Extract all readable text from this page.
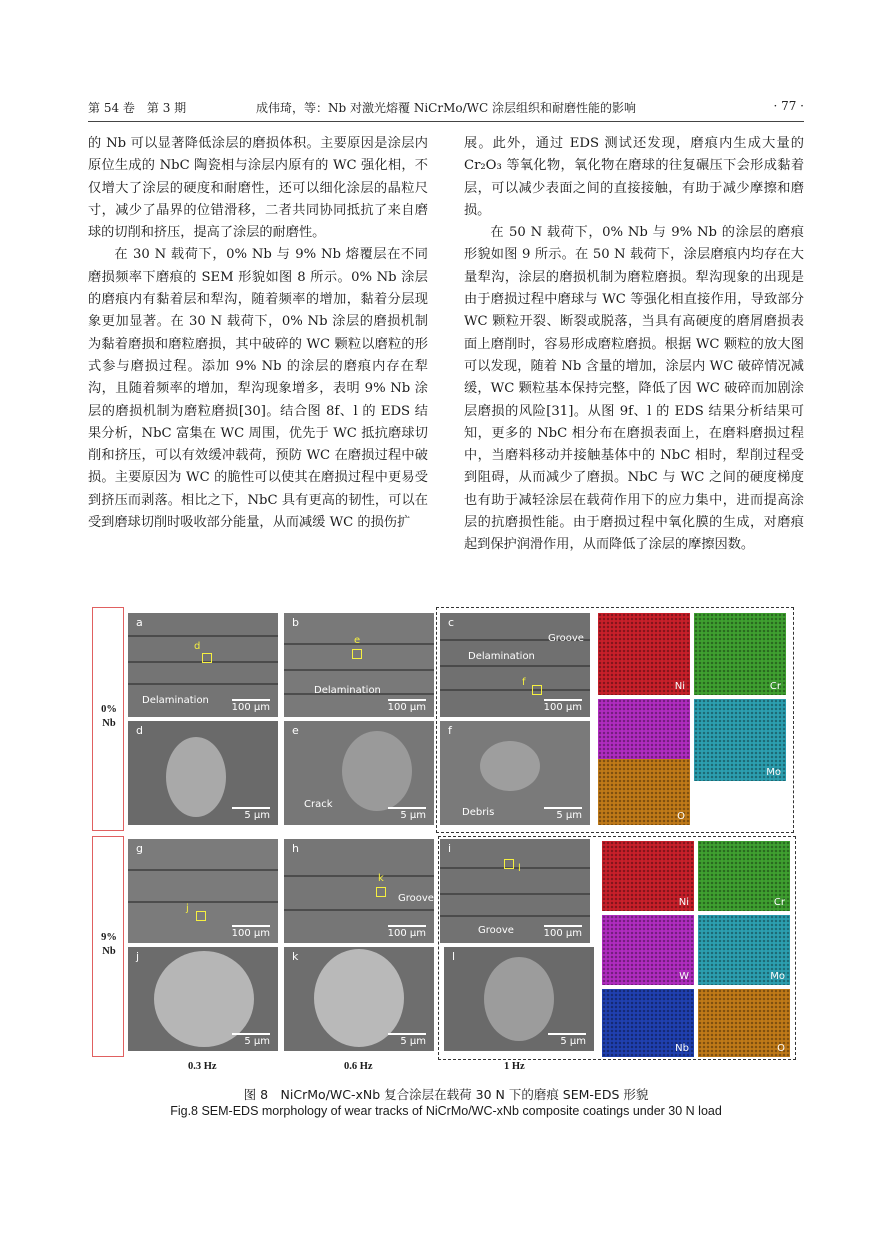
第 54 卷　第 3 期	成伟琦，等：Nb 对激光熔覆 NiCrMo/WC 涂层组织和耐磨性能的影响	· 77 ·

的 Nb 可以显著降低涂层的磨损体积。主要原因是涂层内原位生成的 NbC 陶瓷相与涂层内原有的 WC 强化相，不仅增大了涂层的硬度和耐磨性，还可以细化涂层的晶粒尺寸，减少了晶界的位错滑移，二者共同协同抵抗了来自磨球的切削和挤压，提高了涂层的耐磨性。

在 30 N 载荷下，0% Nb 与 9% Nb 熔覆层在不同磨损频率下磨痕的 SEM 形貌如图 8 所示。0% Nb 涂层的磨痕内有黏着层和犁沟，随着频率的增加，黏着分层现象更加显著。在 30 N 载荷下，0% Nb 涂层的磨损机制为黏着磨损和磨粒磨损，其中破碎的 WC 颗粒以磨粒的形式参与磨损过程。添加 9% Nb 的涂层的磨痕内存在犁沟，且随着频率的增加，犁沟现象增多，表明 9% Nb 涂层的磨损机制为磨粒磨损[30]。结合图 8f、l 的 EDS 结果分析，NbC 富集在 WC 周围，优先于 WC 抵抗磨球切削和挤压，可以有效缓冲载荷，预防 WC 在磨损过程中破损。主要原因为 WC 的脆性可以使其在磨损过程中更易受到挤压而剥落。相比之下，NbC 具有更高的韧性，可以在受到磨球切削时吸收部分能量，从而减缓 WC 的损伤扩

展。此外，通过 EDS 测试还发现，磨痕内生成大量的 Cr₂O₃ 等氧化物，氧化物在磨球的往复碾压下会形成黏着层，可以减少表面之间的直接接触，有助于减少摩擦和磨损。

在 50 N 载荷下，0% Nb 与 9% Nb 的涂层的磨痕形貌如图 9 所示。在 50 N 载荷下，涂层磨痕内均存在大量犁沟，涂层的磨损机制为磨粒磨损。犁沟现象的出现是由于磨损过程中磨球与 WC 等强化相直接作用，导致部分 WC 颗粒开裂、断裂或脱落，当具有高硬度的磨屑磨损表面上磨削时，容易形成磨粒磨损。根据 WC 颗粒的放大图可以发现，随着 Nb 含量的增加，涂层内 WC 破碎情况减缓，WC 颗粒基本保持完整，降低了因 WC 破碎而加剧涂层磨损的风险[31]。从图 9f、l 的 EDS 结果分析结果可知，更多的 NbC 相分布在磨损表面上，在磨料磨损过程中，当磨料移动并接触基体中的 NbC 相时，犁削过程受到阻碍，从而减少了磨损。NbC 与 WC 之间的硬度梯度也有助于减轻涂层在载荷作用下的应力集中，进而提高涂层的抗磨损性能。由于磨损过程中氧化膜的生成，对磨痕起到保护润滑作用，从而降低了涂层的摩擦因数。

0%
Nb
9%
Nb
a
d
Delamination
100 μm
b
e
Delamination
100 μm
c
f
Delamination
Groove
100 μm
d
5 μm
e
Crack
5 μm
f
Debris	5 μm
Ni	Cr
Mo
O
g
j
100 μm
h
k
Groove
100 μm
i
l
Groove	100 μm
j
5 μm
k
5 μm
l
5 μm
Ni	Cr
W	Mo
Nb	O
0.3 Hz	0.6 Hz	1 Hz
图 8　NiCrMo/WC-xNb 复合涂层在载荷 30 N 下的磨痕 SEM-EDS 形貌
Fig.8 SEM-EDS morphology of wear tracks of NiCrMo/WC-xNb composite coatings under 30 N load
